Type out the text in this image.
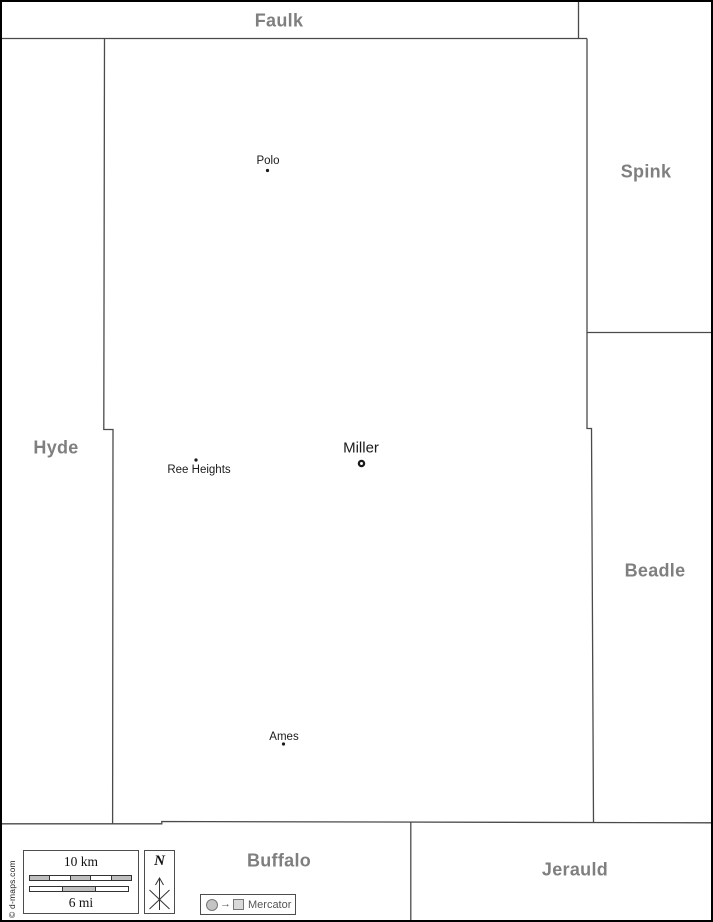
Faulk
Spink
Hyde
Beadle
Buffalo	Jerauld
Polo
Miller
Ree Heights
Ames
© d-maps.com	10 km
6 mi
N
→ Mercator
